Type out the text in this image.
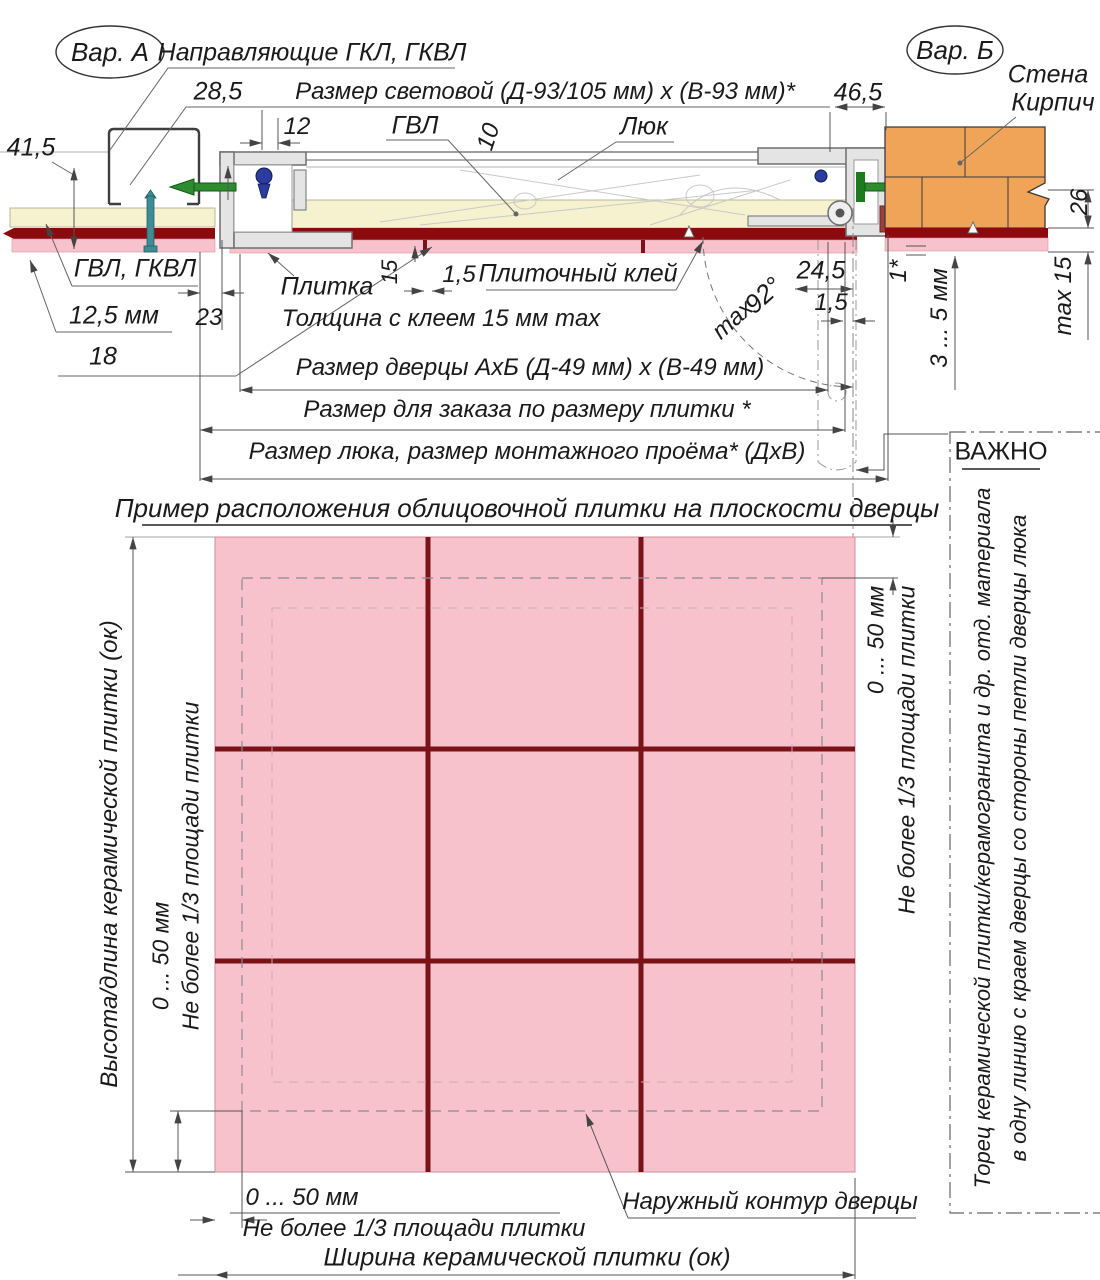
Вар. А	Вар. Б
Направляющие ГКЛ, ГКВЛ
28,5 Размер световой (Д-93/105 мм) х (В-93 мм)* 46,5
Стена
Кирпич
41,5
12	ГВЛ 10	Люк
26
ГВЛ, ГКВЛ
Плитка
15 1,5 Плиточный клей	24,5
92°
max 1,5
1* 3 ... 5 мм	max 15
12,5 мм 23
18
Толщина с клеем 15 мм max
Размер дверцы АхБ (Д-49 мм) х (В-49 мм)
Размер для заказа по размеру плитки *
Размер люка, размер монтажного проёма* (ДхВ)	ВАЖНО
Торец керамической плитки/керамогранита и др. отд. материала в одну линию с краем дверцы со стороны петли дверцы люка
Пример расположения облицовочной плитки на плоскости дверцы
Высота/длина керамической плитки (ок) 0 ... 50 мм Не более 1/3 площади плитки
0 ... 50 мм Не более 1/3 площади плитки
0 ... 50 мм
Не более 1/3 площади плитки
Ширина керамической плитки (ок)
Наружный контур дверцы
